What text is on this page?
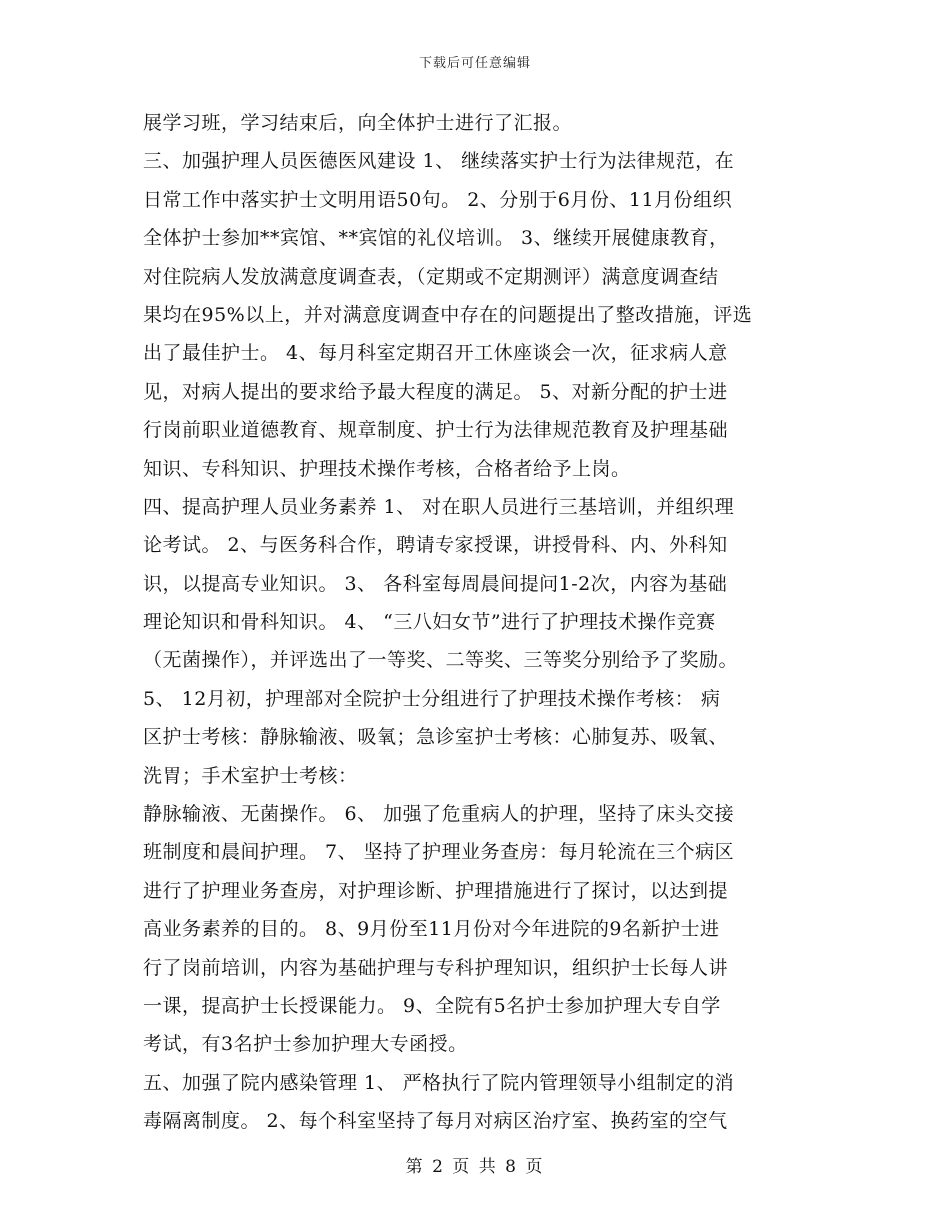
下载后可任意编辑
展学习班，学习结束后，向全体护士进行了汇报。
三、加强护理人员医德医风建设 1、 继续落实护士行为法律规范，在
日常工作中落实护士文明用语50句。 2、分别于6月份、11月份组织
全体护士参加**宾馆、**宾馆的礼仪培训。 3、继续开展健康教育，
对住院病人发放满意度调查表，（定期或不定期测评）满意度调查结
果均在95%以上，并对满意度调查中存在的问题提出了整改措施，评选
出了最佳护士。 4、每月科室定期召开工休座谈会一次，征求病人意
见，对病人提出的要求给予最大程度的满足。 5、对新分配的护士进
行岗前职业道德教育、规章制度、护士行为法律规范教育及护理基础
知识、专科知识、护理技术操作考核，合格者给予上岗。
四、提高护理人员业务素养 1、 对在职人员进行三基培训，并组织理
论考试。 2、与医务科合作，聘请专家授课，讲授骨科、内、外科知
识，以提高专业知识。 3、 各科室每周晨间提问1-2次，内容为基础
理论知识和骨科知识。 4、 “三八妇女节”进行了护理技术操作竞赛
（无菌操作），并评选出了一等奖、二等奖、三等奖分别给予了奖励。
5、 12月初，护理部对全院护士分组进行了护理技术操作考核： 病
区护士考核：静脉输液、吸氧；急诊室护士考核：心肺复苏、吸氧、
洗胃；手术室护士考核：
静脉输液、无菌操作。 6、 加强了危重病人的护理，坚持了床头交接
班制度和晨间护理。 7、 坚持了护理业务查房：每月轮流在三个病区
进行了护理业务查房，对护理诊断、护理措施进行了探讨，以达到提
高业务素养的目的。 8、9月份至11月份对今年进院的9名新护士进
行了岗前培训，内容为基础护理与专科护理知识，组织护士长每人讲
一课，提高护士长授课能力。 9、全院有5名护士参加护理大专自学
考试，有3名护士参加护理大专函授。
五、加强了院内感染管理 1、 严格执行了院内管理领导小组制定的消
毒隔离制度。 2、每个科室坚持了每月对病区治疗室、换药室的空气
第 2 页 共 8 页
